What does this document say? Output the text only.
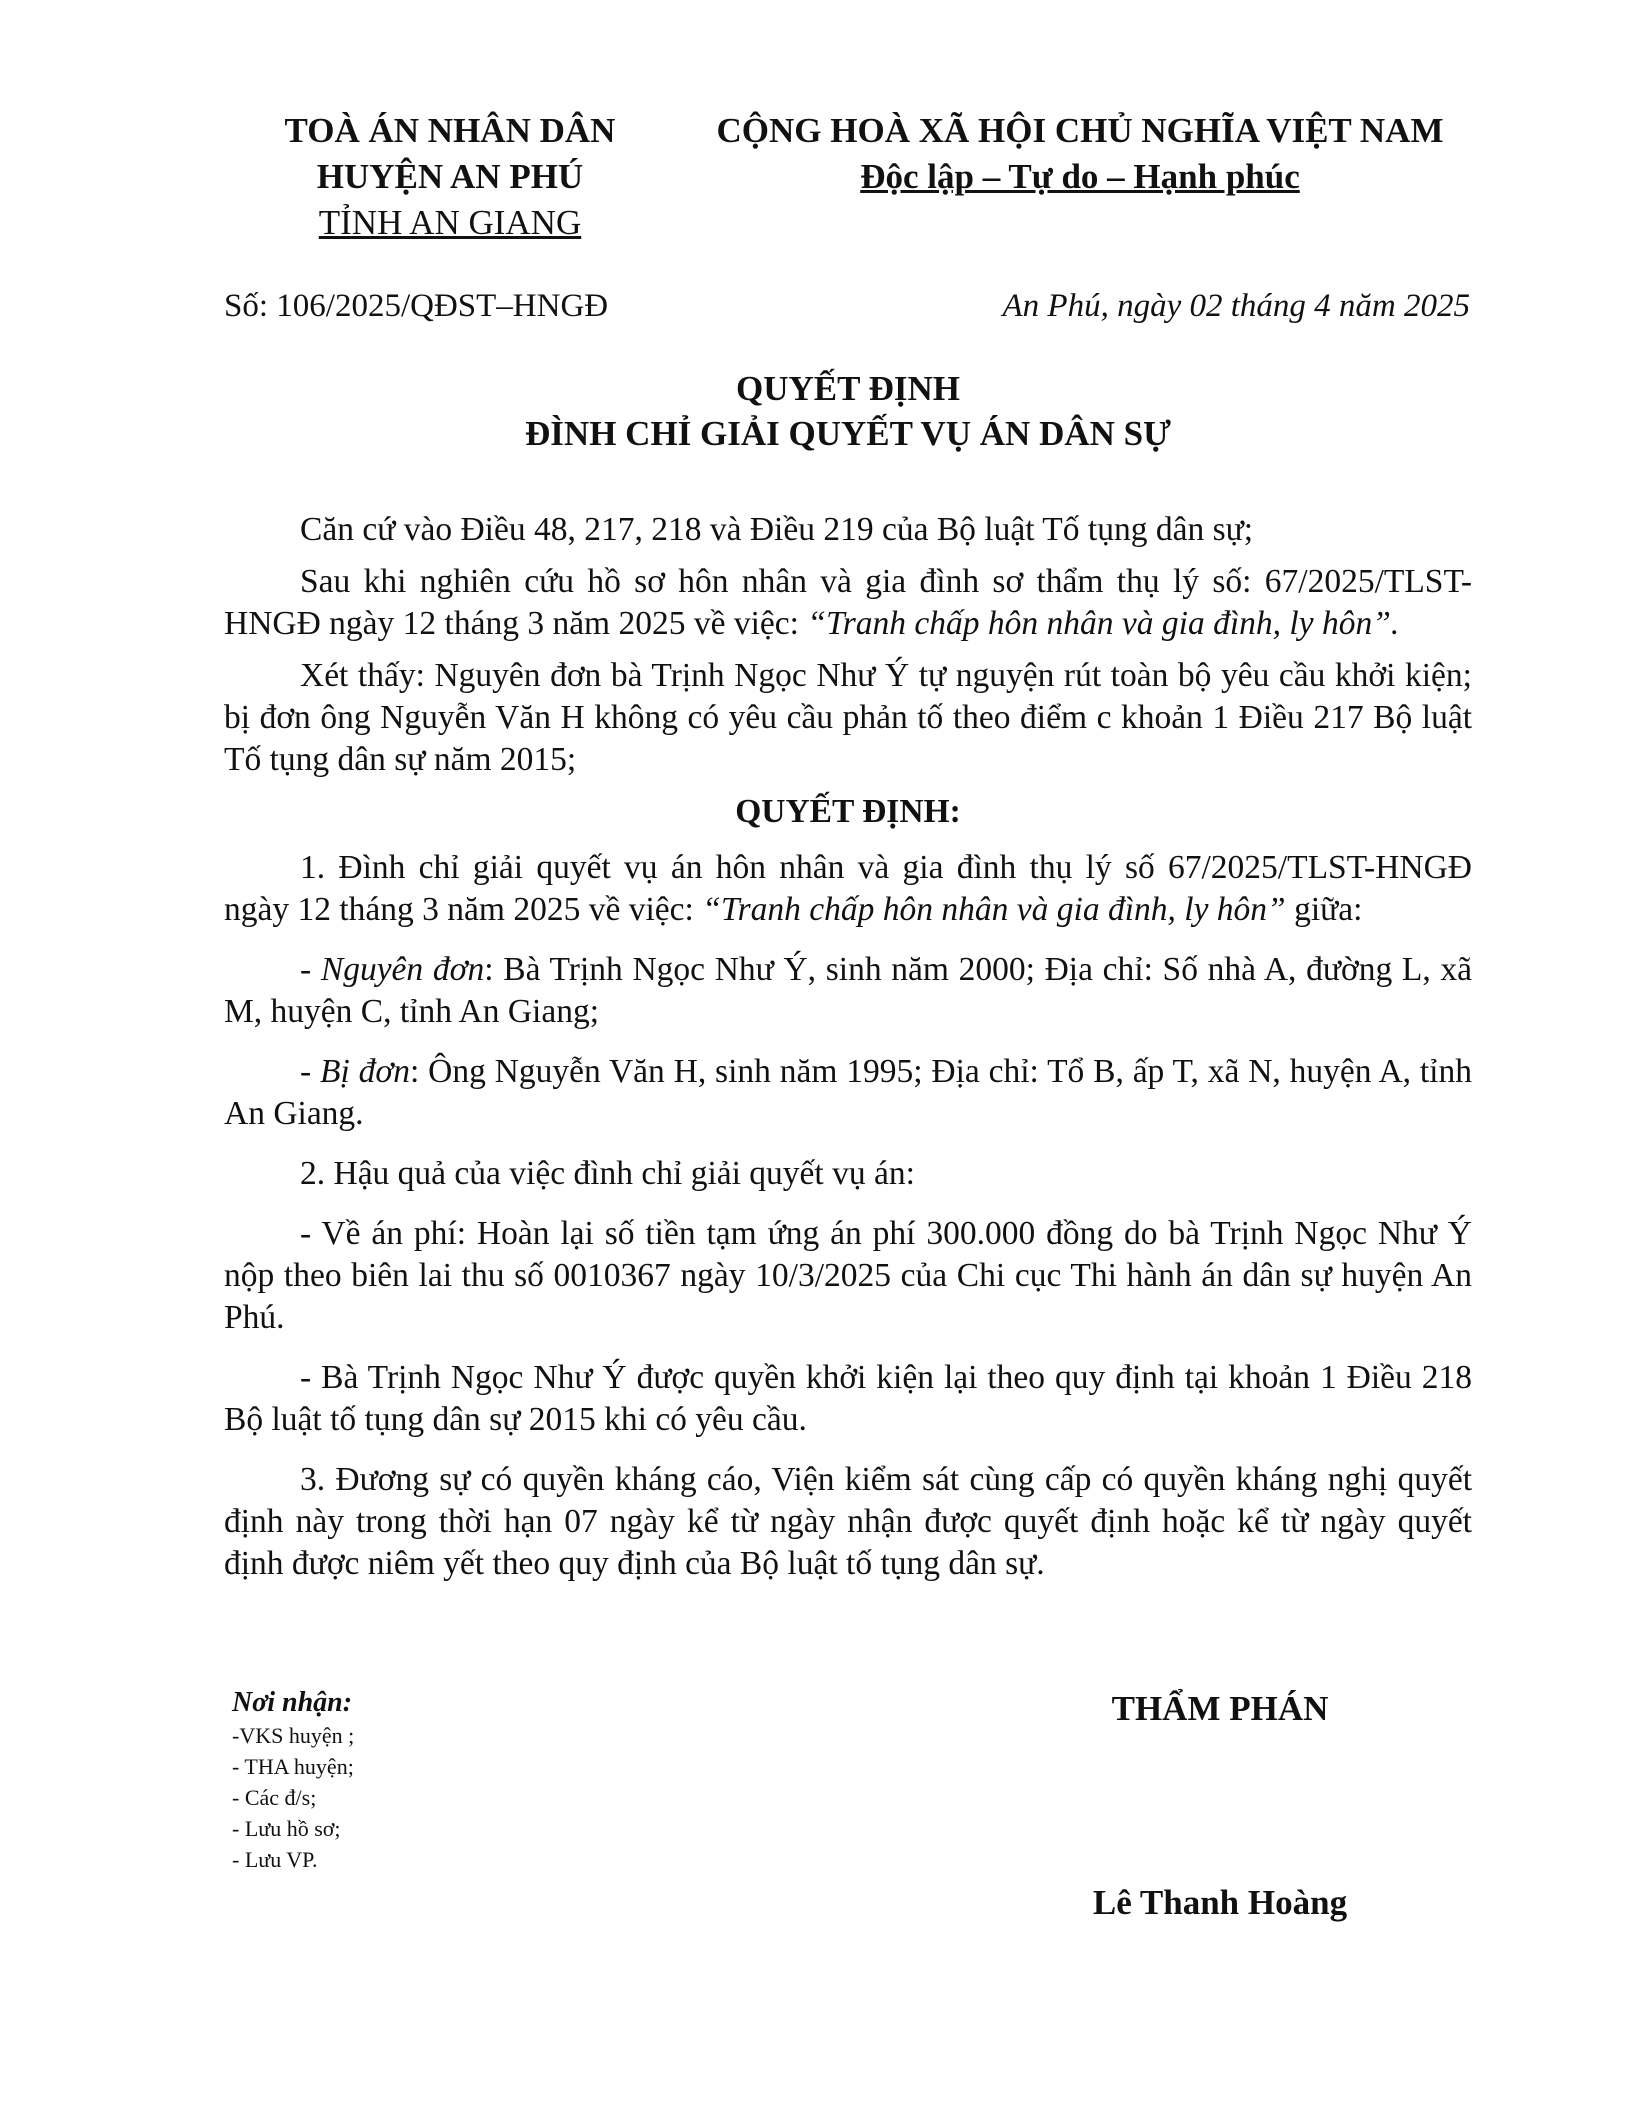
TOÀ ÁN NHÂN DÂN
HUYỆN AN PHÚ
TỈNH AN GIANG
CỘNG HOÀ XÃ HỘI CHỦ NGHĨA VIỆT NAM
Độc lập – Tự do – Hạnh phúc
Số: 106/2025/QĐST–HNGĐ	An Phú, ngày 02 tháng 4 năm 2025
QUYẾT ĐỊNH
ĐÌNH CHỈ GIẢI QUYẾT VỤ ÁN DÂN SỰ

Căn cứ vào Điều 48, 217, 218 và Điều 219 của Bộ luật Tố tụng dân sự;

Sau khi nghiên cứu hồ sơ hôn nhân và gia đình sơ thẩm thụ lý số: 67/2025/TLST-HNGĐ ngày 12 tháng 3 năm 2025 về việc: “Tranh chấp hôn nhân và gia đình, ly hôn”.

Xét thấy: Nguyên đơn bà Trịnh Ngọc Như Ý tự nguyện rút toàn bộ yêu cầu khởi kiện; bị đơn ông Nguyễn Văn H không có yêu cầu phản tố theo điểm c khoản 1 Điều 217 Bộ luật Tố tụng dân sự năm 2015;

QUYẾT ĐỊNH:

1. Đình chỉ giải quyết vụ án hôn nhân và gia đình thụ lý số 67/2025/TLST-HNGĐ ngày 12 tháng 3 năm 2025 về việc: “Tranh chấp hôn nhân và gia đình, ly hôn” giữa:

- Nguyên đơn: Bà Trịnh Ngọc Như Ý, sinh năm 2000; Địa chỉ: Số nhà A, đường L, xã M, huyện C, tỉnh An Giang;

- Bị đơn: Ông Nguyễn Văn H, sinh năm 1995; Địa chỉ: Tổ B, ấp T, xã N, huyện A, tỉnh An Giang.

2. Hậu quả của việc đình chỉ giải quyết vụ án:

- Về án phí: Hoàn lại số tiền tạm ứng án phí 300.000 đồng do bà Trịnh Ngọc Như Ý nộp theo biên lai thu số 0010367 ngày 10/3/2025 của Chi cục Thi hành án dân sự huyện An Phú.

- Bà Trịnh Ngọc Như Ý được quyền khởi kiện lại theo quy định tại khoản 1 Điều 218 Bộ luật tố tụng dân sự 2015 khi có yêu cầu.

3. Đương sự có quyền kháng cáo, Viện kiểm sát cùng cấp có quyền kháng nghị quyết định này trong thời hạn 07 ngày kể từ ngày nhận được quyết định hoặc kể từ ngày quyết định được niêm yết theo quy định của Bộ luật tố tụng dân sự.

Nơi nhận:
-VKS huyện ;
- THA huyện;
- Các đ/s;
- Lưu hồ sơ;
- Lưu VP.
THẨM PHÁN
Lê Thanh Hoàng
